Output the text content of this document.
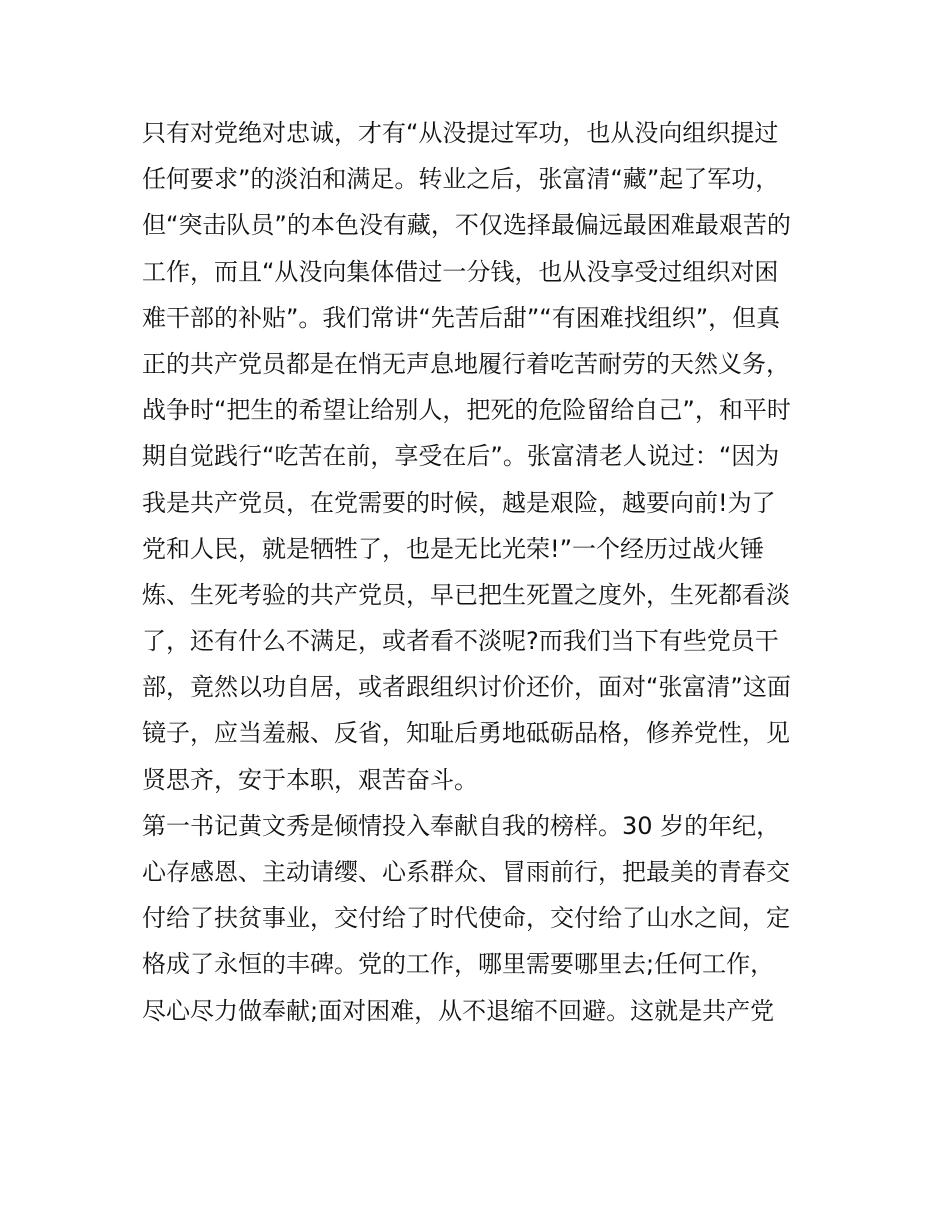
只有对党绝对忠诚，才有“从没提过军功，也从没向组织提过
任何要求”的淡泊和满足。转业之后，张富清“藏”起了军功，
但“突击队员”的本色没有藏，不仅选择最偏远最困难最艰苦的
工作，而且“从没向集体借过一分钱，也从没享受过组织对困
难干部的补贴”。我们常讲“先苦后甜”“有困难找组织”，但真
正的共产党员都是在悄无声息地履行着吃苦耐劳的天然义务，
战争时“把生的希望让给别人，把死的危险留给自己”，和平时
期自觉践行“吃苦在前，享受在后”。张富清老人说过：“因为
我是共产党员，在党需要的时候，越是艰险，越要向前!为了
党和人民，就是牺牲了，也是无比光荣!”一个经历过战火锤
炼、生死考验的共产党员，早已把生死置之度外，生死都看淡
了，还有什么不满足，或者看不淡呢?而我们当下有些党员干
部，竟然以功自居，或者跟组织讨价还价，面对“张富清”这面
镜子，应当羞赧、反省，知耻后勇地砥砺品格，修养党性，见
贤思齐，安于本职，艰苦奋斗。
第一书记黄文秀是倾情投入奉献自我的榜样。30 岁的年纪，
心存感恩、主动请缨、心系群众、冒雨前行，把最美的青春交
付给了扶贫事业，交付给了时代使命，交付给了山水之间，定
格成了永恒的丰碑。党的工作，哪里需要哪里去;任何工作，
尽心尽力做奉献;面对困难，从不退缩不回避。这就是共产党
